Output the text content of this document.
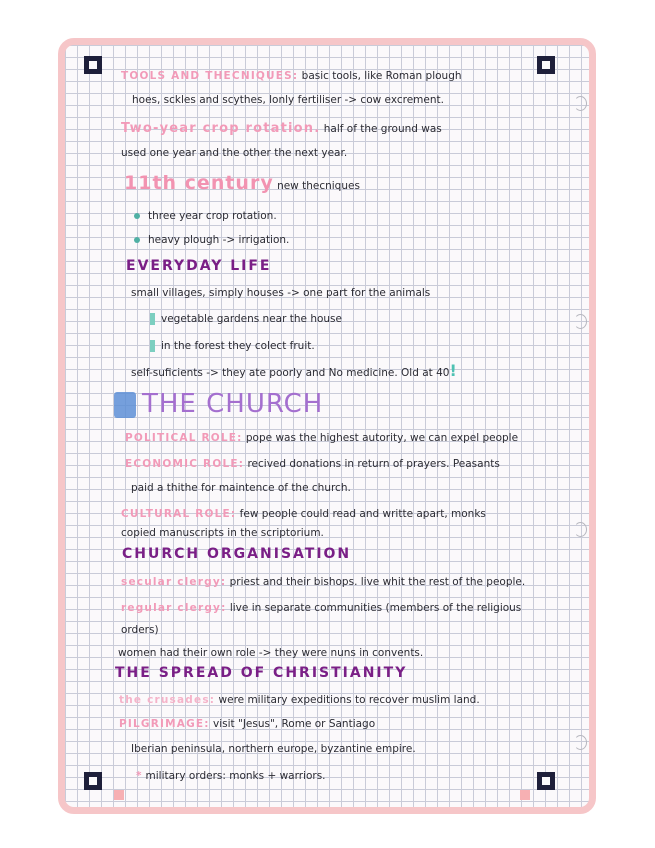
TOOLS AND THECNIQUES: basic tools, like Roman plough
hoes, sckles and scythes, lonly fertiliser -> cow excrement.
Two-year crop rotation. half of the ground was
used one year and the other the next year.
11th century new thecniques
three year crop rotation.
heavy plough -> irrigation.
EVERYDAY LIFE
small villages, simply houses -> one part for the animals
vegetable gardens near the house
in the forest they colect fruit.
self-suficients -> they ate poorly and No medicine. Old at 40!
THE CHURCH
POLITICAL ROLE: pope was the highest autority, we can expel people
ECONOMIC ROLE: recived donations in return of prayers. Peasants
paid a thithe for maintence of the church.
CULTURAL ROLE: few people could read and writte apart, monks
copied manuscripts in the scriptorium.
CHURCH ORGANISATION
secular clergy: priest and their bishops. live whit the rest of the people.
regular clergy: live in separate communities (members of the religious
orders)
women had their own role -> they were nuns in convents.
THE SPREAD OF CHRISTIANITY
the crusades: were military expeditions to recover muslim land.
PILGRIMAGE: visit "Jesus", Rome or Santiago
Iberian peninsula, northern europe, byzantine empire.
* military orders: monks + warriors.
